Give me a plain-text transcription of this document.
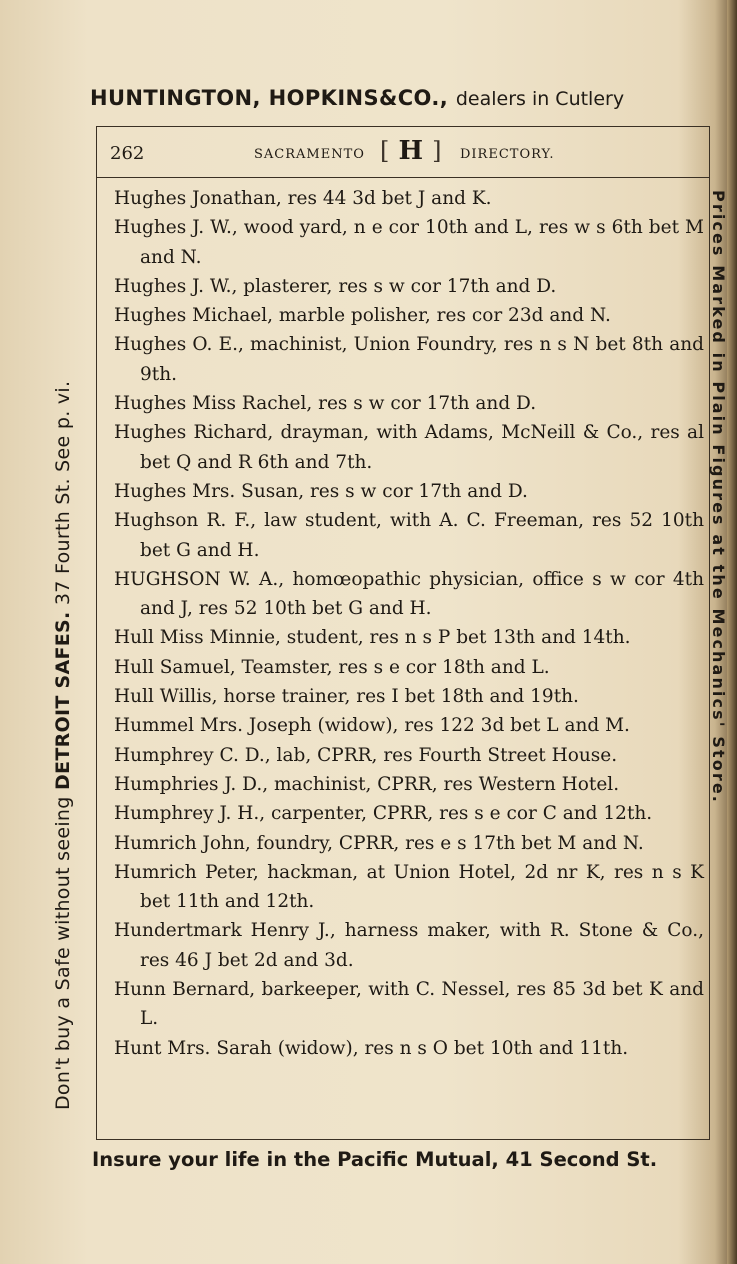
HUNTINGTON, HOPKINS&CO., dealers in Cutlery
262	SACRAMENTO [ H ] DIRECTORY.
Hughes Jonathan, res 44 3d bet J and K.
Hughes J. W., wood yard, n e cor 10th and L, res w s 6th bet M and N.
Hughes J. W., plasterer, res s w cor 17th and D.
Hughes Michael, marble polisher, res cor 23d and N.
Hughes O. E., machinist, Union Foundry, res n s N bet 8th and 9th.
Hughes Miss Rachel, res s w cor 17th and D.
Hughes Richard, drayman, with Adams, McNeill & Co., res al bet Q and R 6th and 7th.
Hughes Mrs. Susan, res s w cor 17th and D.
Hughson R. F., law student, with A. C. Freeman, res 52 10th bet G and H.
HUGHSON W. A., homœopathic physician, office s w cor 4th and J, res 52 10th bet G and H.
Hull Miss Minnie, student, res n s P bet 13th and 14th.
Hull Samuel, Teamster, res s e cor 18th and L.
Hull Willis, horse trainer, res I bet 18th and 19th.
Hummel Mrs. Joseph (widow), res 122 3d bet L and M.
Humphrey C. D., lab, CPRR, res Fourth Street House.
Humphries J. D., machinist, CPRR, res Western Hotel.
Humphrey J. H., carpenter, CPRR, res s e cor C and 12th.
Humrich John, foundry, CPRR, res e s 17th bet M and N.
Humrich Peter, hackman, at Union Hotel, 2d nr K, res n s K bet 11th and 12th.
Hundertmark Henry J., harness maker, with R. Stone & Co., res 46 J bet 2d and 3d.
Hunn Bernard, barkeeper, with C. Nessel, res 85 3d bet K and L.
Hunt Mrs. Sarah (widow), res n s O bet 10th and 11th.
Don't buy a Safe without seeing DETROIT SAFES. 37 Fourth St. See p. vi.	Prices Marked in Plain Figures at the Mechanics' Store.
Insure your life in the Pacific Mutual, 41 Second St.
